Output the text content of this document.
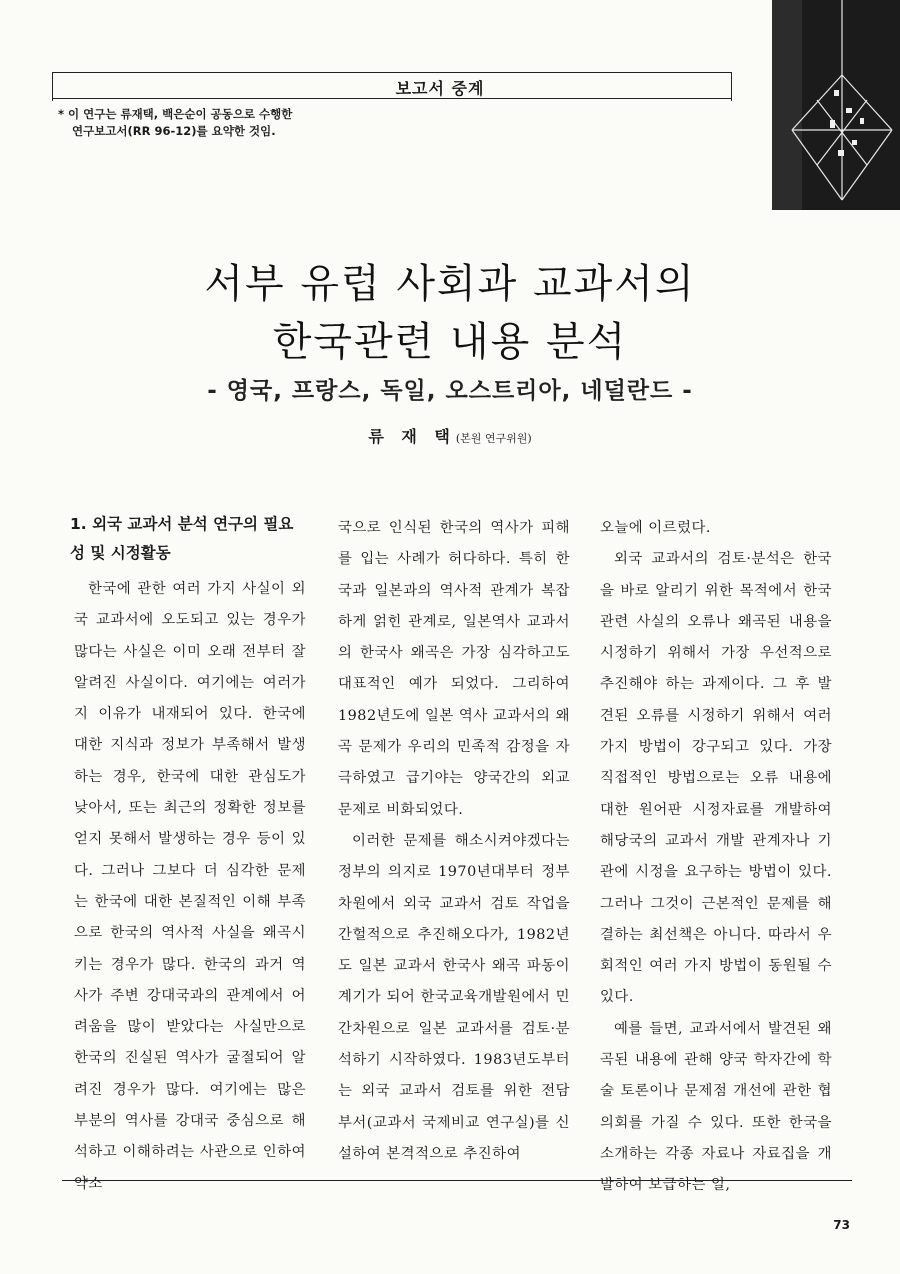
보고서 중계
* 이 연구는 류재택, 백은순이 공동으로 수행한
연구보고서(RR 96-12)를 요약한 것임.
서부 유럽 사회과 교과서의
한국관련 내용 분석
- 영국, 프랑스, 독일, 오스트리아, 네덜란드 -
류 재 택(본원 연구위원)
1. 외국 교과서 분석 연구의 필요성 및 시정활동

한국에 관한 여러 가지 사실이 외국 교과서에 오도되고 있는 경우가 많다는 사실은 이미 오래 전부터 잘 알려진 사실이다. 여기에는 여러가지 이유가 내재되어 있다. 한국에 대한 지식과 정보가 부족해서 발생하는 경우, 한국에 대한 관심도가 낮아서, 또는 최근의 정확한 정보를 얻지 못해서 발생하는 경우 등이 있다. 그러나 그보다 더 심각한 문제는 한국에 대한 본질적인 이해 부족으로 한국의 역사적 사실을 왜곡시키는 경우가 많다. 한국의 과거 역사가 주변 강대국과의 관계에서 어려움을 많이 받았다는 사실만으로 한국의 진실된 역사가 굴절되어 알려진 경우가 많다. 여기에는 많은 부분의 역사를 강대국 중심으로 해석하고 이해하려는 사관으로 인하여 약소

국으로 인식된 한국의 역사가 피해를 입는 사례가 허다하다. 특히 한국과 일본과의 역사적 관계가 복잡하게 얽힌 관계로, 일본역사 교과서의 한국사 왜곡은 가장 심각하고도 대표적인 예가 되었다. 그리하여 1982년도에 일본 역사 교과서의 왜곡 문제가 우리의 민족적 감정을 자극하였고 급기야는 양국간의 외교 문제로 비화되었다.

이러한 문제를 해소시켜야겠다는 정부의 의지로 1970년대부터 정부차원에서 외국 교과서 검토 작업을 간헐적으로 추진해오다가, 1982년도 일본 교과서 한국사 왜곡 파동이 계기가 되어 한국교육개발원에서 민간차원으로 일본 교과서를 검토·분석하기 시작하였다. 1983년도부터는 외국 교과서 검토를 위한 전담 부서(교과서 국제비교 연구실)를 신설하여 본격적으로 추진하여

오늘에 이르렀다.

외국 교과서의 검토·분석은 한국을 바로 알리기 위한 목적에서 한국관련 사실의 오류나 왜곡된 내용을 시정하기 위해서 가장 우선적으로 추진해야 하는 과제이다. 그 후 발견된 오류를 시정하기 위해서 여러 가지 방법이 강구되고 있다. 가장 직접적인 방법으로는 오류 내용에 대한 원어판 시정자료를 개발하여 해당국의 교과서 개발 관계자나 기관에 시정을 요구하는 방법이 있다. 그러나 그것이 근본적인 문제를 해결하는 최선책은 아니다. 따라서 우회적인 여러 가지 방법이 동원될 수 있다.

예를 들면, 교과서에서 발견된 왜곡된 내용에 관해 양국 학자간에 학술 토론이나 문제점 개선에 관한 협의회를 가질 수 있다. 또한 한국을 소개하는 각종 자료나 자료집을 개발하여 보급하는 일,

73
